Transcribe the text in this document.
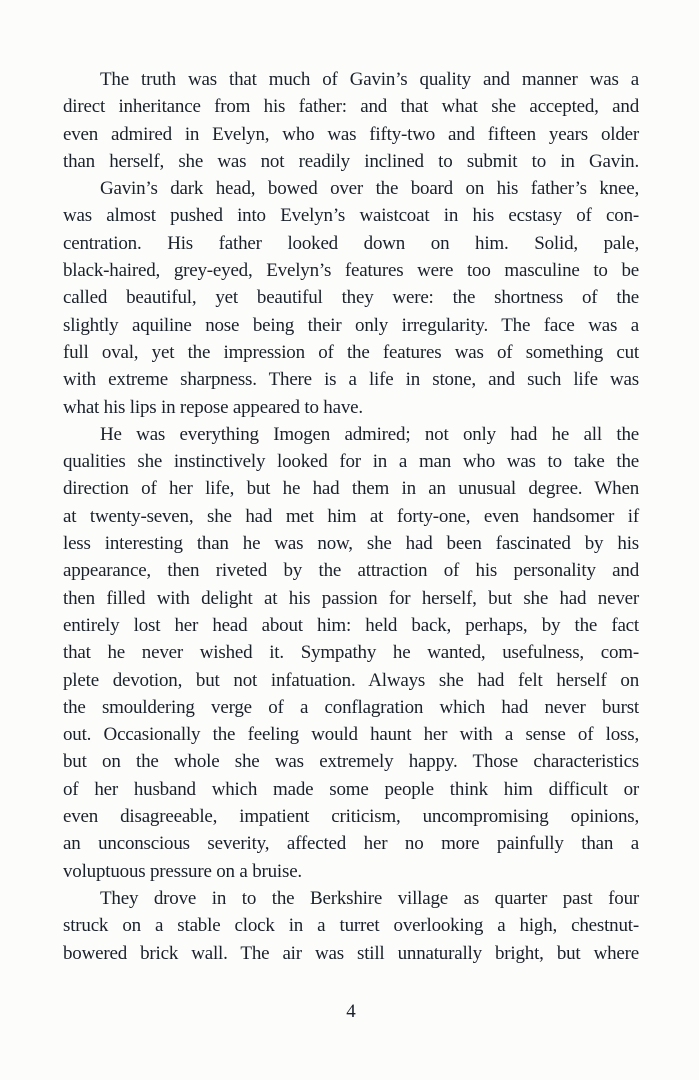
The truth was that much of Gavin’s quality and manner was a
direct inheritance from his father: and that what she accepted, and
even admired in Evelyn, who was fifty-two and fifteen years older
than herself, she was not readily inclined to submit to in Gavin.
Gavin’s dark head, bowed over the board on his father’s knee,
was almost pushed into Evelyn’s waistcoat in his ecstasy of con-
centration. His father looked down on him. Solid, pale,
black-haired, grey-eyed, Evelyn’s features were too masculine to be
called beautiful, yet beautiful they were: the shortness of the
slightly aquiline nose being their only irregularity. The face was a
full oval, yet the impression of the features was of something cut
with extreme sharpness. There is a life in stone, and such life was
what his lips in repose appeared to have.
He was everything Imogen admired; not only had he all the
qualities she instinctively looked for in a man who was to take the
direction of her life, but he had them in an unusual degree. When
at twenty-seven, she had met him at forty-one, even handsomer if
less interesting than he was now, she had been fascinated by his
appearance, then riveted by the attraction of his personality and
then filled with delight at his passion for herself, but she had never
entirely lost her head about him: held back, perhaps, by the fact
that he never wished it. Sympathy he wanted, usefulness, com-
plete devotion, but not infatuation. Always she had felt herself on
the smouldering verge of a conflagration which had never burst
out. Occasionally the feeling would haunt her with a sense of loss,
but on the whole she was extremely happy. Those characteristics
of her husband which made some people think him difficult or
even disagreeable, impatient criticism, uncompromising opinions,
an unconscious severity, affected her no more painfully than a
voluptuous pressure on a bruise.
They drove in to the Berkshire village as quarter past four
struck on a stable clock in a turret overlooking a high, chestnut-
bowered brick wall. The air was still unnaturally bright, but where
4
